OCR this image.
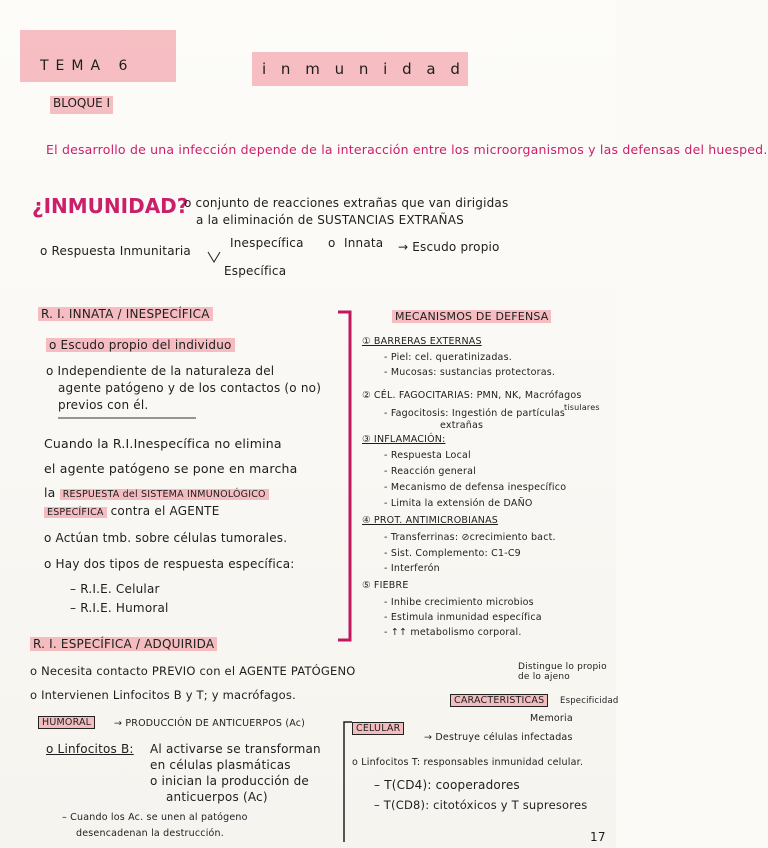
TEMA 6	i n m u n i d a d
BLOQUE I
El desarrollo de una infección depende de la interacción entre los microorganismos y las defensas del huesped.
¿INMUNIDAD?
o conjunto de reacciones extrañas que van dirigidas
a la eliminación de SUSTANCIAS EXTRAÑAS
o Respuesta Inmunitaria
Inespecífica o Innata → Escudo propio
Específica
R. I. INNATA / INESPECÍFICA
o Escudo propio del individuo
o Independiente de la naturaleza del
agente patógeno y de los contactos (o no)
previos con él.
Cuando la R.I.Inespecífica no elimina
el agente patógeno se pone en marcha
la RESPUESTA del SISTEMA INMUNOLÓGICO
ESPECÍFICA contra el AGENTE
o Actúan tmb. sobre células tumorales.
o Hay dos tipos de respuesta específica:
– R.I.E. Celular
– R.I.E. Humoral
MECANISMOS DE DEFENSA
① BARRERAS EXTERNAS
- Piel: cel. queratinizadas.
- Mucosas: sustancias protectoras.
② CÉL. FAGOCITARIAS: PMN, NK, Macrófagos
tisulares
- Fagocitosis: Ingestión de partículas
extrañas
③ INFLAMACIÓN:
- Respuesta Local
- Reacción general
- Mecanismo de defensa inespecífico
- Limita la extensión de DAÑO
④ PROT. ANTIMICROBIANAS
- Transferrinas: ⊘crecimiento bact.
- Sist. Complemento: C1-C9
- Interferón
⑤ FIEBRE
- Inhibe crecimiento microbios
- Estimula inmunidad específica
- ↑↑ metabolismo corporal.
R. I. ESPECÍFICA / ADQUIRIDA
o Necesita contacto PREVIO con el AGENTE PATÓGENO
o Intervienen Linfocitos B y T; y macrófagos.
Distingue lo propio de lo ajeno
CARACTERÍSTICAS	Especificidad
Memoria
HUMORAL	→ PRODUCCIÓN DE ANTICUERPOS (Ac)
o Linfocitos B: Al activarse se transforman
en células plasmáticas
o inician la producción de
anticuerpos (Ac)
– Cuando los Ac. se unen al patógeno
desencadenan la destrucción.
CELULAR
→ Destruye células infectadas
o Linfocitos T: responsables inmunidad celular.
– T(CD4): cooperadores
– T(CD8): citotóxicos y T supresores
17
